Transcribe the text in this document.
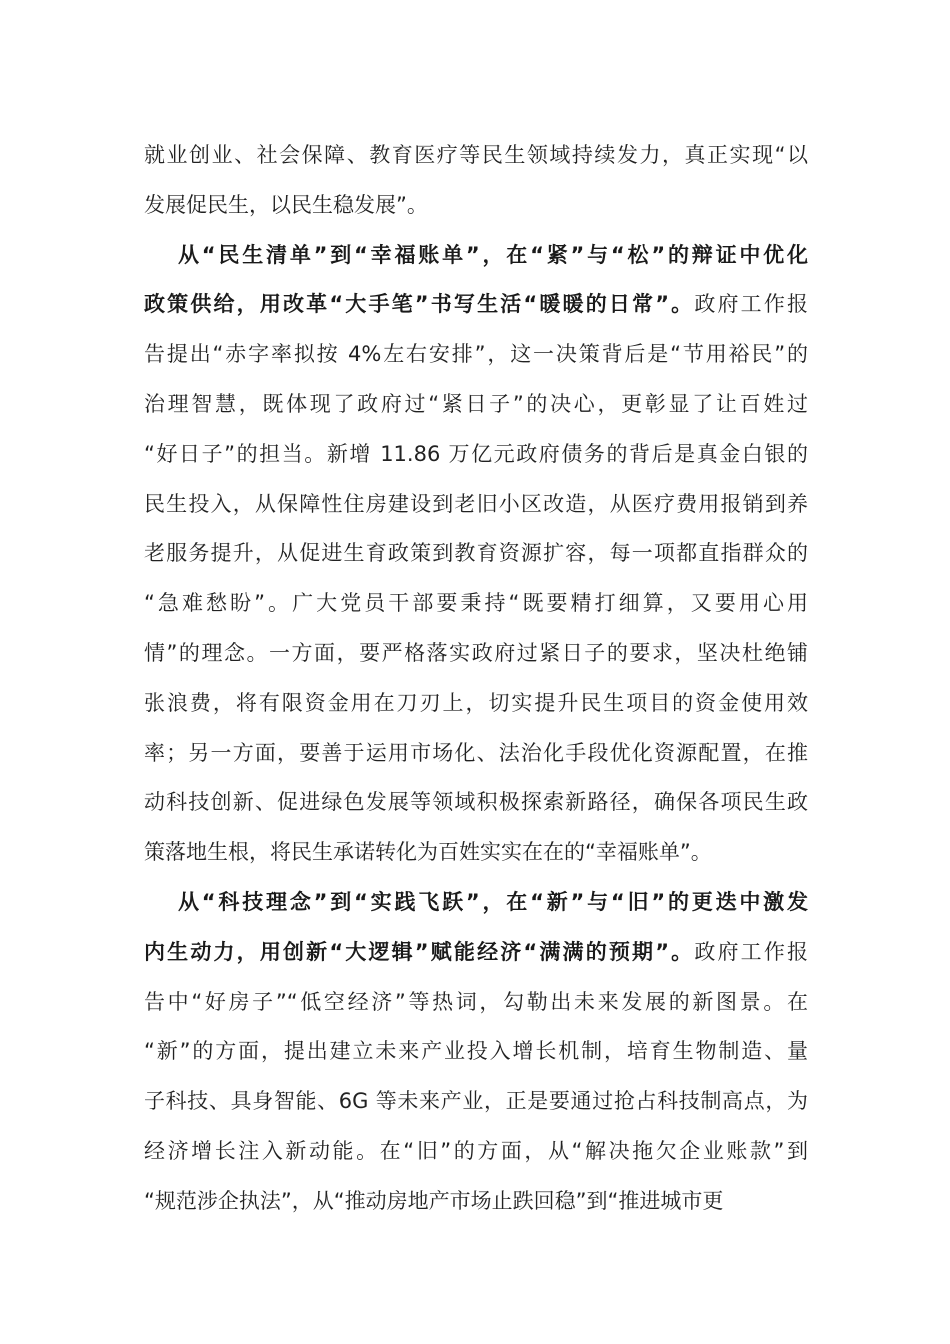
就业创业、社会保障、教育医疗等民生领域持续发力，真正实现“以
发展促民生，以民生稳发展”。
从“民生清单”到“幸福账单”，在“紧”与“松”的辩证中优化
政策供给，用改革“大手笔”书写生活“暖暖的日常”。政府工作报
告提出“赤字率拟按 4%左右安排”，这一决策背后是“节用裕民”的
治理智慧，既体现了政府过“紧日子”的决心，更彰显了让百姓过
“好日子”的担当。新增 11.86 万亿元政府债务的背后是真金白银的
民生投入，从保障性住房建设到老旧小区改造，从医疗费用报销到养
老服务提升，从促进生育政策到教育资源扩容，每一项都直指群众的
“急难愁盼”。广大党员干部要秉持“既要精打细算，又要用心用
情”的理念。一方面，要严格落实政府过紧日子的要求，坚决杜绝铺
张浪费，将有限资金用在刀刃上，切实提升民生项目的资金使用效
率；另一方面，要善于运用市场化、法治化手段优化资源配置，在推
动科技创新、促进绿色发展等领域积极探索新路径，确保各项民生政
策落地生根，将民生承诺转化为百姓实实在在的“幸福账单”。
从“科技理念”到“实践飞跃”，在“新”与“旧”的更迭中激发
内生动力，用创新“大逻辑”赋能经济“满满的预期”。政府工作报
告中“好房子”“低空经济”等热词，勾勒出未来发展的新图景。在
“新”的方面，提出建立未来产业投入增长机制，培育生物制造、量
子科技、具身智能、6G 等未来产业，正是要通过抢占科技制高点，为
经济增长注入新动能。在“旧”的方面，从“解决拖欠企业账款”到
“规范涉企执法”，从“推动房地产市场止跌回稳”到“推进城市更
